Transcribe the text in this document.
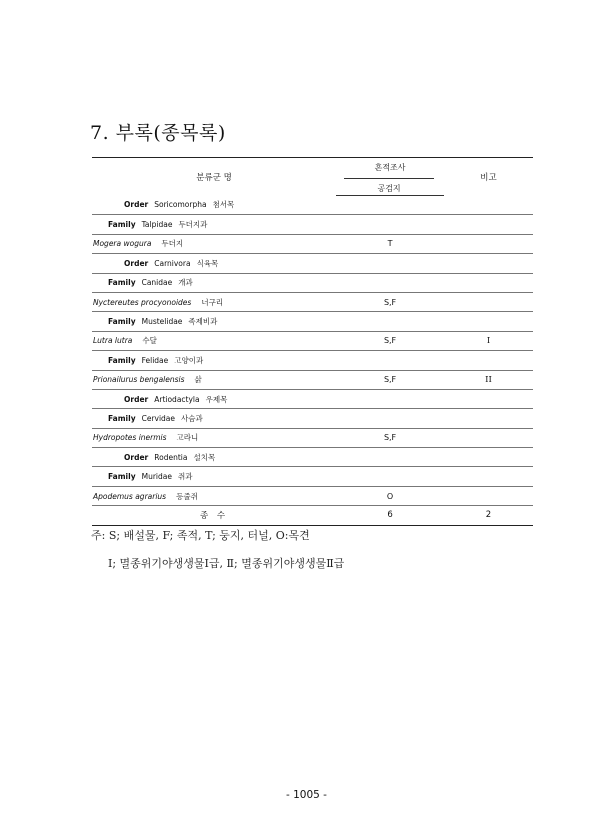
7. 부록(종목록)
분류군 명	흔적조사	비고

	공검지	

Order Soricomorpha 첨서목		
Family Talpidae 두더지과		
Mogera wogura 두더지	T	
Order Carnivora 식육목		
Family Canidae 개과		
Nyctereutes procyonoides 너구리	S,F	
Family Mustelidae 족제비과		
Lutra lutra 수달	S,F	I
Family Felidae 고양이과		
Prionailurus bengalensis 삵	S,F	II
Order Artiodactyla 우제목		
Family Cervidae 사슴과		
Hydropotes inermis 고라니	S,F	
Order Rodentia 설치목		
Family Muridae 쥐과		
Apodemus agrarius 등줄쥐	O	
종 수	6	2
주: S; 배설물, F; 족적, T; 둥지, 터널, O:목견
Ⅰ; 멸종위기야생생물Ⅰ급, Ⅱ; 멸종위기야생생물Ⅱ급
- 1005 -
